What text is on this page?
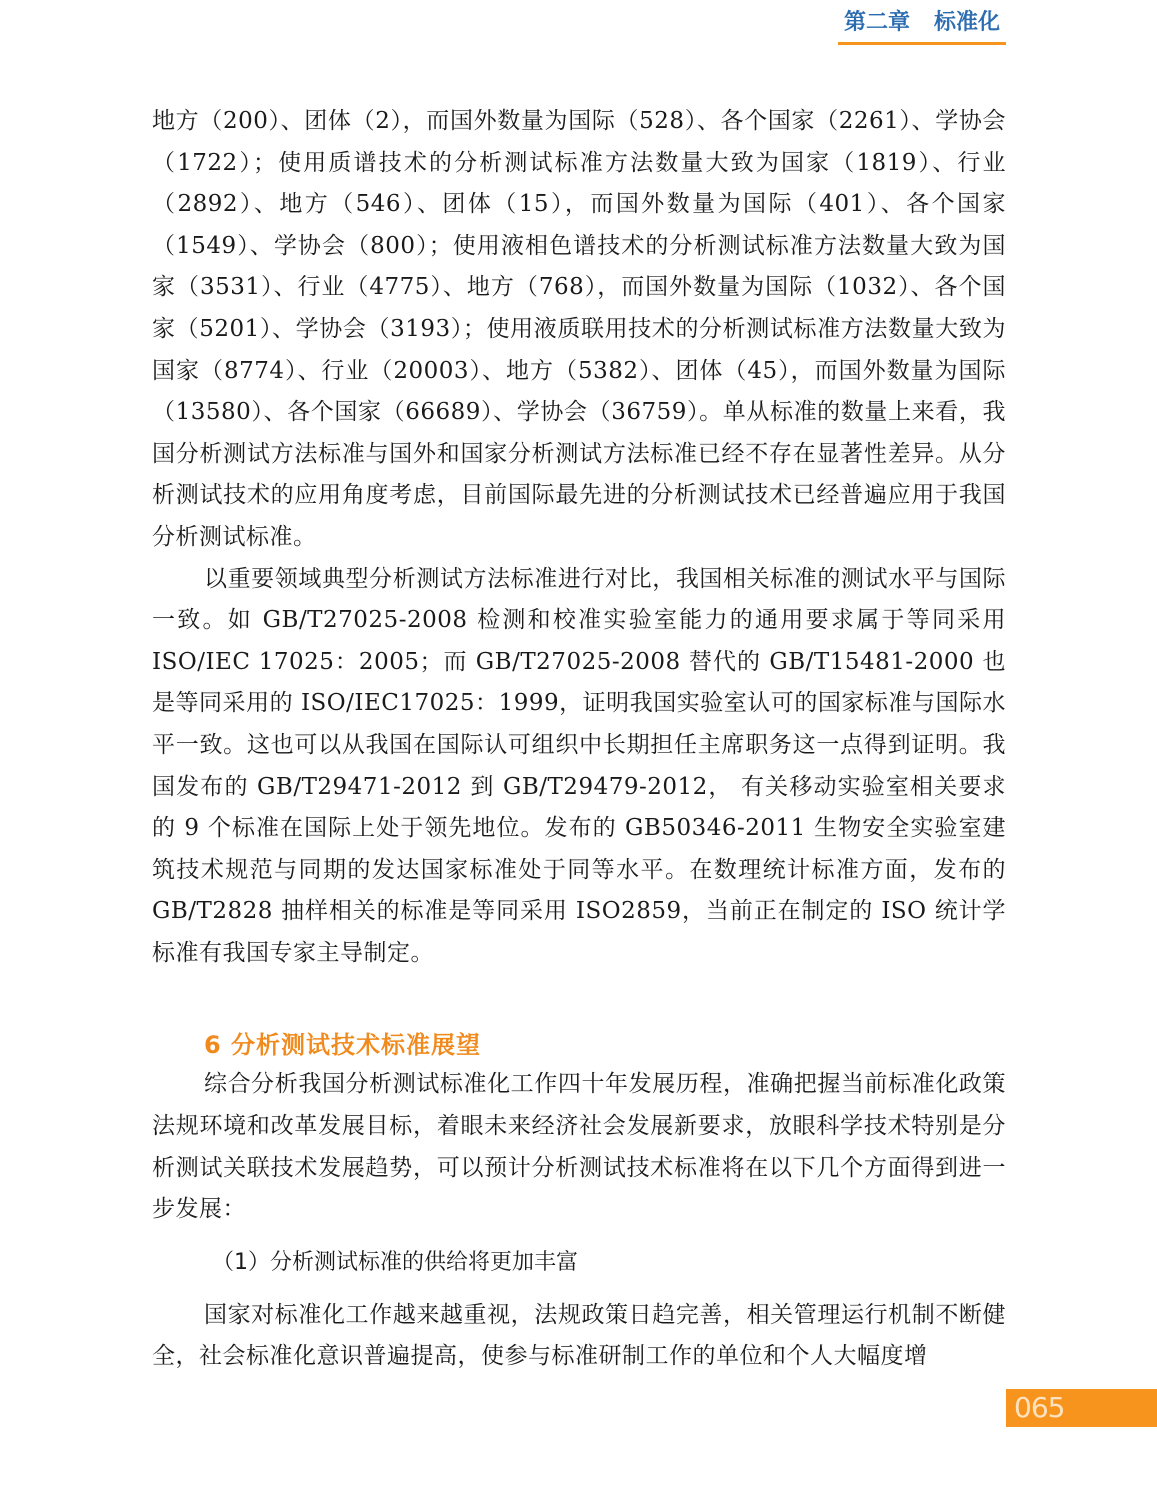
第二章 标准化

地方（200）、团体（2），而国外数量为国际（528）、各个国家（2261）、学协会（1722）；使用质谱技术的分析测试标准方法数量大致为国家（1819）、行业（2892）、地方（546）、团体（15），而国外数量为国际（401）、各个国家（1549）、学协会（800）；使用液相色谱技术的分析测试标准方法数量大致为国家（3531）、行业（4775）、地方（768），而国外数量为国际（1032）、各个国家（5201）、学协会（3193）；使用液质联用技术的分析测试标准方法数量大致为国家（8774）、行业（20003）、地方（5382）、团体（45），而国外数量为国际（13580）、各个国家（66689）、学协会（36759）。单从标准的数量上来看，我国分析测试方法标准与国外和国家分析测试方法标准已经不存在显著性差异。从分析测试技术的应用角度考虑，目前国际最先进的分析测试技术已经普遍应用于我国分析测试标准。

以重要领域典型分析测试方法标准进行对比，我国相关标准的测试水平与国际一致。如 GB/T27025-2008 检测和校准实验室能力的通用要求属于等同采用 ISO/IEC 17025：2005；而 GB/T27025-2008 替代的 GB/T15481-2000 也是等同采用的 ISO/IEC17025：1999，证明我国实验室认可的国家标准与国际水平一致。这也可以从我国在国际认可组织中长期担任主席职务这一点得到证明。我国发布的 GB/T29471-2012 到 GB/T29479-2012， 有关移动实验室相关要求的 9 个标准在国际上处于领先地位。发布的 GB50346-2011 生物安全实验室建筑技术规范与同期的发达国家标准处于同等水平。在数理统计标准方面，发布的 GB/T2828 抽样相关的标准是等同采用 ISO2859，当前正在制定的 ISO 统计学标准有我国专家主导制定。

6 分析测试技术标准展望

综合分析我国分析测试标准化工作四十年发展历程，准确把握当前标准化政策法规环境和改革发展目标，着眼未来经济社会发展新要求，放眼科学技术特别是分析测试关联技术发展趋势，可以预计分析测试技术标准将在以下几个方面得到进一步发展：

（1）分析测试标准的供给将更加丰富

国家对标准化工作越来越重视，法规政策日趋完善，相关管理运行机制不断健全，社会标准化意识普遍提高，使参与标准研制工作的单位和个人大幅度增

065
